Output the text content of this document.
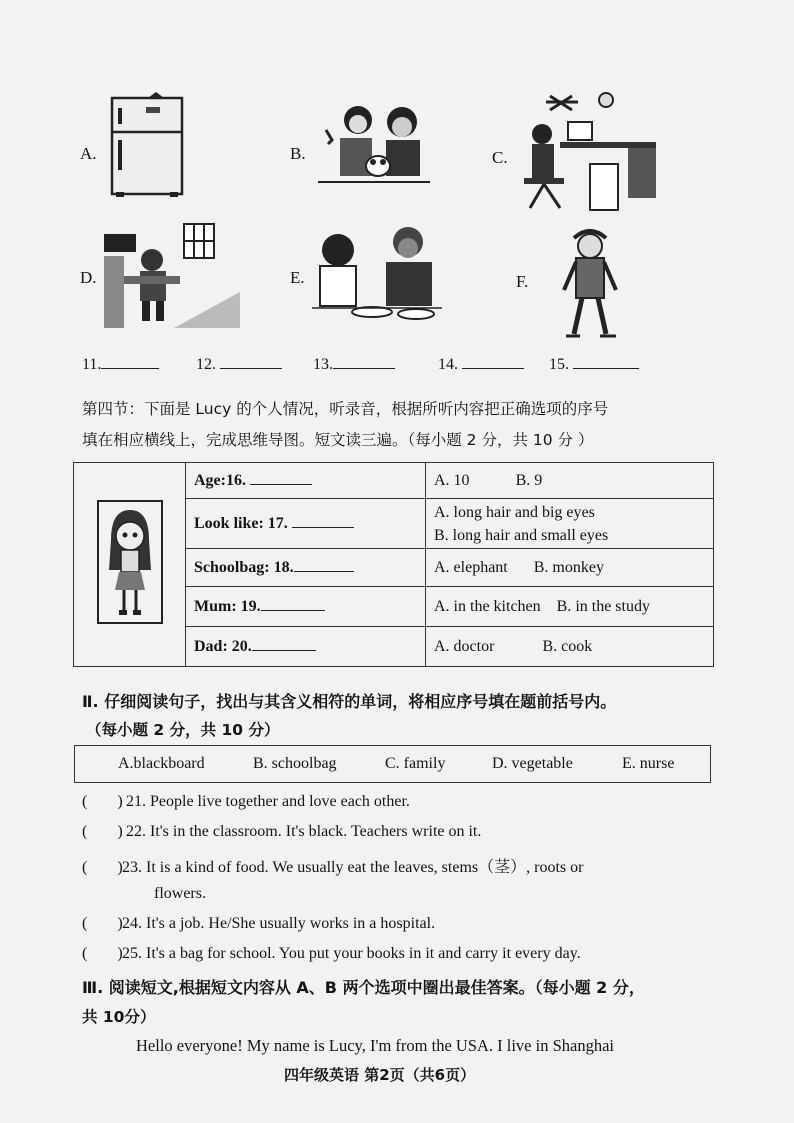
A.	B.	C.
D.	E.	F.
11.	12.	13.	14.	15.
第四节：下面是 Lucy 的个人情况，听录音，根据所听内容把正确选项的序号
填在相应横线上，完成思维导图。短文读三遍。（每小题 2 分，共 10 分 ）
	Age:16.	A. 10 B. 9
	Look like: 17.	A. long hair and big eyes
B. long hair and small eyes

	Schoolbag: 18.	A. elephant B. monkey
	Mum: 19.	A. in the kitchen B. in the study
	Dad: 20.	A. doctor B. cook
Ⅱ. 仔细阅读句子，找出与其含义相符的单词，将相应序号填在题前括号内。
（每小题 2 分，共 10 分）
A.blackboard	B. schoolbag	C. family	D. vegetable	E. nurse
( ) 21. People live together and love each other.
( ) 22. It's in the classroom. It's black. Teachers write on it.
( )23. It is a kind of food. We usually eat the leaves, stems（茎）, roots or
flowers.
( )24. It's a job. He/She usually works in a hospital.
( )25. It's a bag for school. You put your books in it and carry it every day.
Ⅲ. 阅读短文,根据短文内容从 A、B 两个选项中圈出最佳答案。（每小题 2 分，
共 10分）
Hello everyone! My name is Lucy, I'm from the USA. I live in Shanghai
四年级英语 第2页（共6页）
